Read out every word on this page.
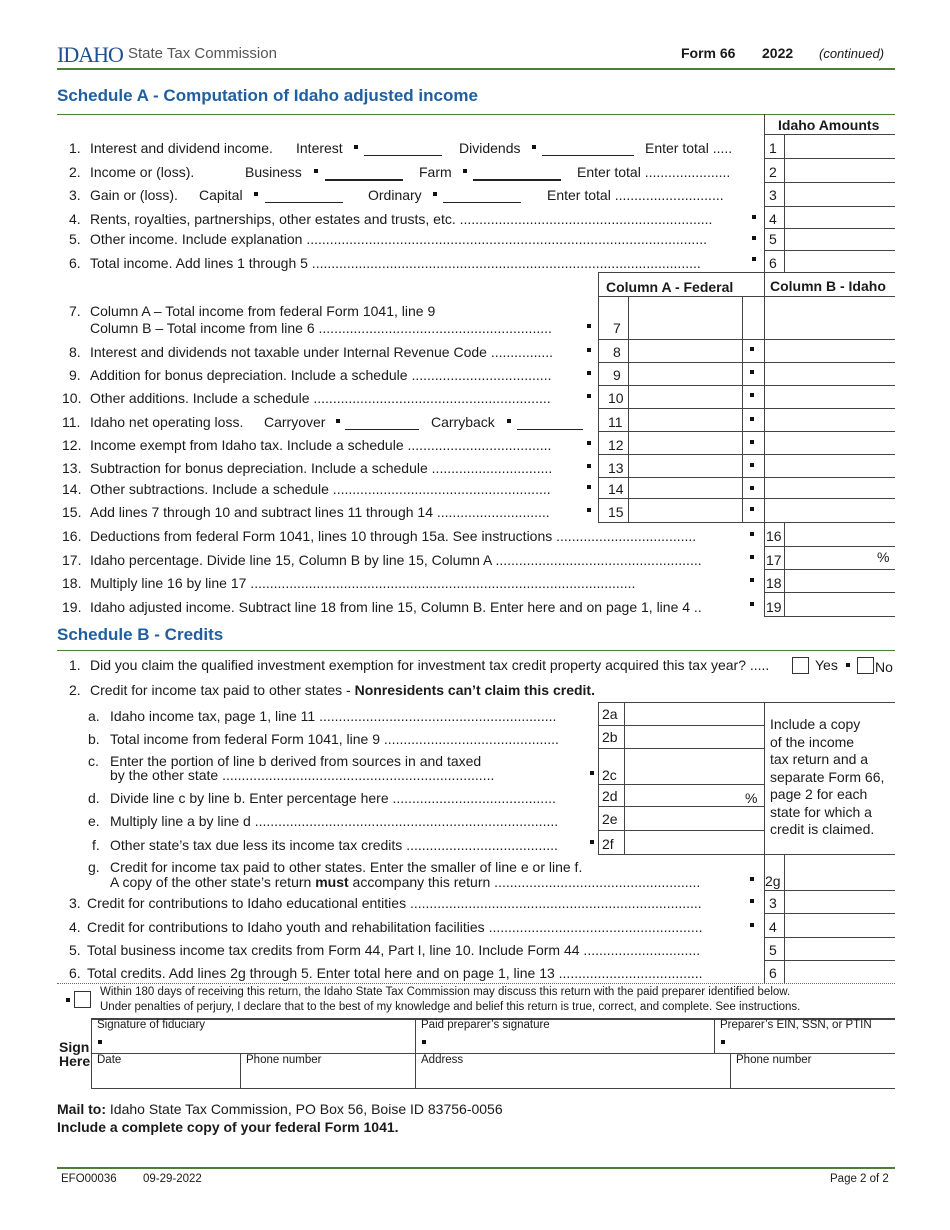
IDAHO State Tax Commission	Form 66 2022 (continued)
Schedule A - Computation of Idaho adjusted income
Idaho Amounts
1. Interest and dividend income. Interest	Dividends	Enter total .....	1
2. Income or (loss).	Business	Farm	Enter total ......................	2
3. Gain or (loss). Capital	Ordinary	Enter total ............................	3
4. Rents, royalties, partnerships, other estates and trusts, etc. .................................................................	4
5. Other income. Include explanation .......................................................................................................	5
6. Total income. Add lines 1 through 5 ....................................................................................................	6
Column A - Federal	Column B - Idaho
7. Column A – Total income from federal Form 1041, line 9
Column B – Total income from line 6 ............................................................	7
8. Interest and dividends not taxable under Internal Revenue Code ................	8
9. Addition for bonus depreciation. Include a schedule ....................................	9
10. Other additions. Include a schedule .............................................................	10
11. Idaho net operating loss. Carryover	Carryback	11
12. Income exempt from Idaho tax. Include a schedule .....................................	12
13. Subtraction for bonus depreciation. Include a schedule ...............................	13
14. Other subtractions. Include a schedule ........................................................	14
15. Add lines 7 through 10 and subtract lines 11 through 14 .............................	15
16. Deductions from federal Form 1041, lines 10 through 15a. See instructions ....................................	16
17. Idaho percentage. Divide line 15, Column B by line 15, Column A .....................................................	17	%
18. Multiply line 16 by line 17 ...................................................................................................	18
19. Idaho adjusted income. Subtract line 18 from line 15, Column B. Enter here and on page 1, line 4 ..	19
Schedule B - Credits
1. Did you claim the qualified investment exemption for investment tax credit property acquired this tax year? .....	Yes	No
2. Credit for income tax paid to other states - Nonresidents can’t claim this credit.
a. Idaho income tax, page 1, line 11 .............................................................	2a
b. Total income from federal Form 1041, line 9 .............................................	2b
c. Enter the portion of line b derived from sources in and taxed
by the other state ......................................................................	2c
d. Divide line c by line b. Enter percentage here ..........................................	2d	%
e. Multiply line a by line d ..............................................................................	2e
f. Other state’s tax due less its income tax credits .......................................	2f
Include a copy
of the income
tax return and a
separate Form 66,
page 2 for each
state for which a
credit is claimed.
g. Credit for income tax paid to other states. Enter the smaller of line e or line f.
A copy of the other state’s return must accompany this return .....................................................	2g
3. Credit for contributions to Idaho educational entities ...........................................................................	3
4. Credit for contributions to Idaho youth and rehabilitation facilities .......................................................	4
5. Total business income tax credits from Form 44, Part I, line 10. Include Form 44 ..............................	5
6. Total credits. Add lines 2g through 5. Enter total here and on page 1, line 13 .....................................	6
Within 180 days of receiving this return, the Idaho State Tax Commission may discuss this return with the paid preparer identified below.
Under penalties of perjury, I declare that to the best of my knowledge and belief this return is true, correct, and complete. See instructions.
Sign
Here
Signature of fiduciary	Paid preparer’s signature	Preparer’s EIN, SSN, or PTIN
Date	Phone number	Address	Phone number
Mail to: Idaho State Tax Commission, PO Box 56, Boise ID 83756-0056
Include a complete copy of your federal Form 1041.
EFO00036 09-29-2022	Page 2 of 2
